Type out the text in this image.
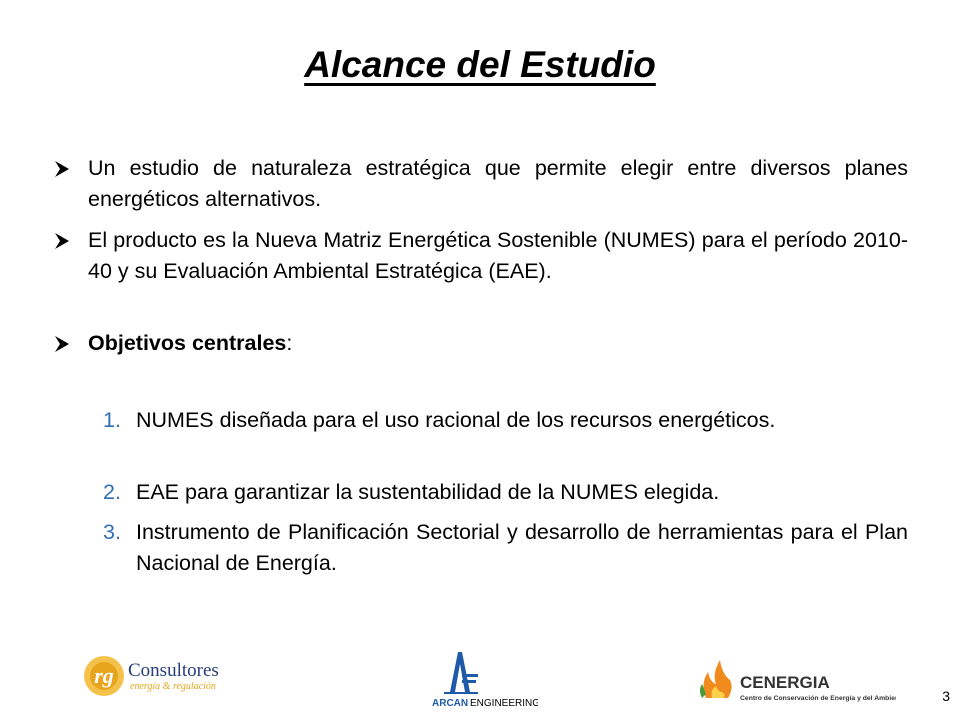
Alcance del Estudio
Un estudio de naturaleza estratégica que permite elegir entre diversos planes energéticos alternativos.
El producto es la Nueva Matriz Energética Sostenible (NUMES) para el período 2010-40 y su Evaluación Ambiental Estratégica (EAE).
Objetivos centrales:
1. NUMES diseñada para el uso racional de los recursos energéticos.
2. EAE para garantizar la sustentabilidad de la NUMES elegida.
3. Instrumento de Planificación Sectorial y desarrollo de herramientas para el Plan Nacional de Energía.
rg Consultores
energía & regulación
ARCAN ENGINEERING
CENERGIA
Centro de Conservación de Energía y del Ambiente	3
